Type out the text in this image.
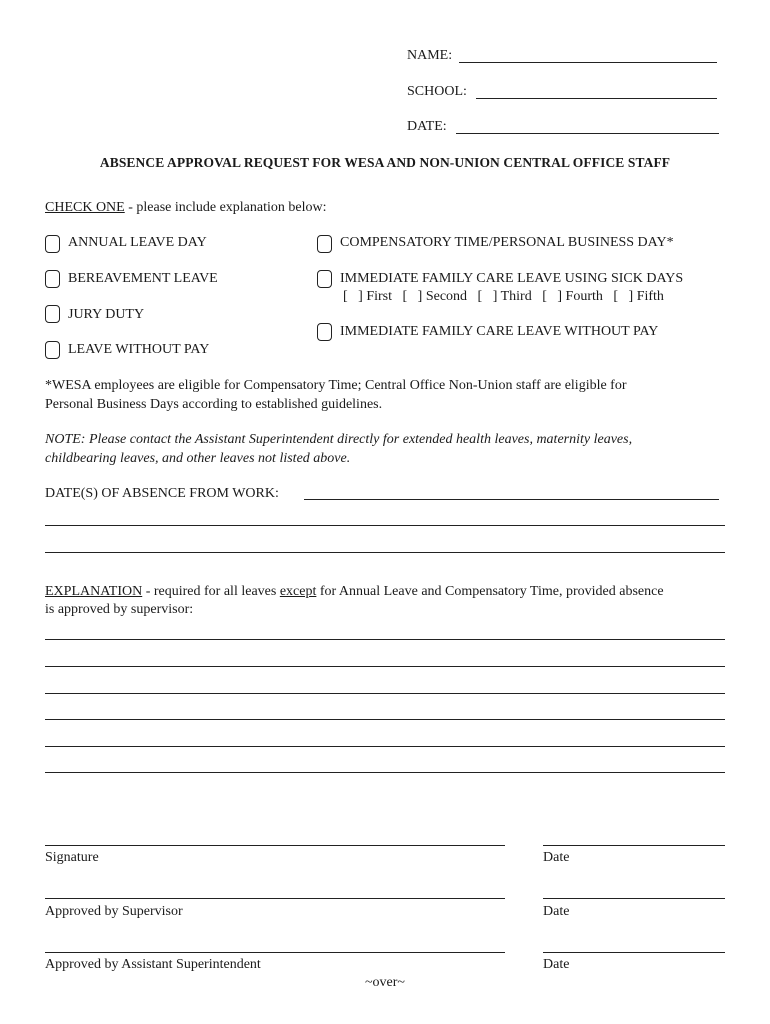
NAME:
SCHOOL:
DATE:
ABSENCE APPROVAL REQUEST FOR WESA AND NON-UNION CENTRAL OFFICE STAFF
CHECK ONE - please include explanation below:
ANNUAL LEAVE DAY
BEREAVEMENT LEAVE
JURY DUTY
LEAVE WITHOUT PAY
COMPENSATORY TIME/PERSONAL BUSINESS DAY*
IMMEDIATE FAMILY CARE LEAVE USING SICK DAYS
[   ] First   [   ] Second   [   ] Third   [   ] Fourth   [   ] Fifth
IMMEDIATE FAMILY CARE LEAVE WITHOUT PAY
*WESA employees are eligible for Compensatory Time; Central Office Non-Union staff are eligible for
Personal Business Days according to established guidelines.
NOTE: Please contact the Assistant Superintendent directly for extended health leaves, maternity leaves,
childbearing leaves, and other leaves not listed above.
DATE(S) OF ABSENCE FROM WORK:
EXPLANATION - required for all leaves except for Annual Leave and Compensatory Time, provided absence
is approved by supervisor:
Signature	Date
Approved by Supervisor	Date
Approved by Assistant Superintendent	Date
~over~
